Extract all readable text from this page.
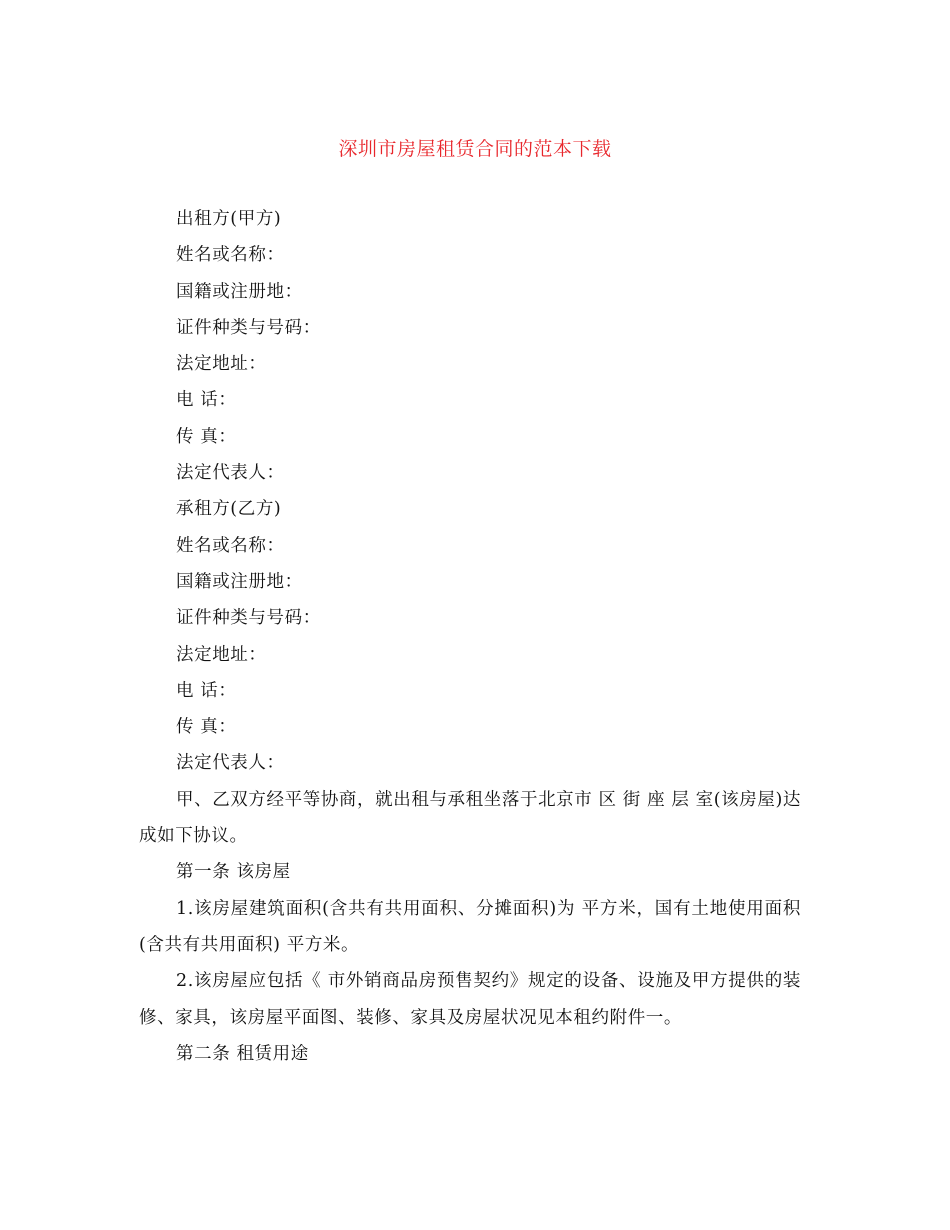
深圳市房屋租赁合同的范本下载
出租方(甲方)
姓名或名称：
国籍或注册地：
证件种类与号码：
法定地址：
电 话：
传 真：
法定代表人：
承租方(乙方)
姓名或名称：
国籍或注册地：
证件种类与号码：
法定地址：
电 话：
传 真：
法定代表人：
甲、乙双方经平等协商，就出租与承租坐落于北京市 区 街 座 层 室(该房屋)达成如下协议。
第一条 该房屋
1.该房屋建筑面积(含共有共用面积、分摊面积)为 平方米，国有土地使用面积(含共有共用面积) 平方米。
2.该房屋应包括《 市外销商品房预售契约》规定的设备、设施及甲方提供的装修、家具，该房屋平面图、装修、家具及房屋状况见本租约附件一。
第二条 租赁用途
